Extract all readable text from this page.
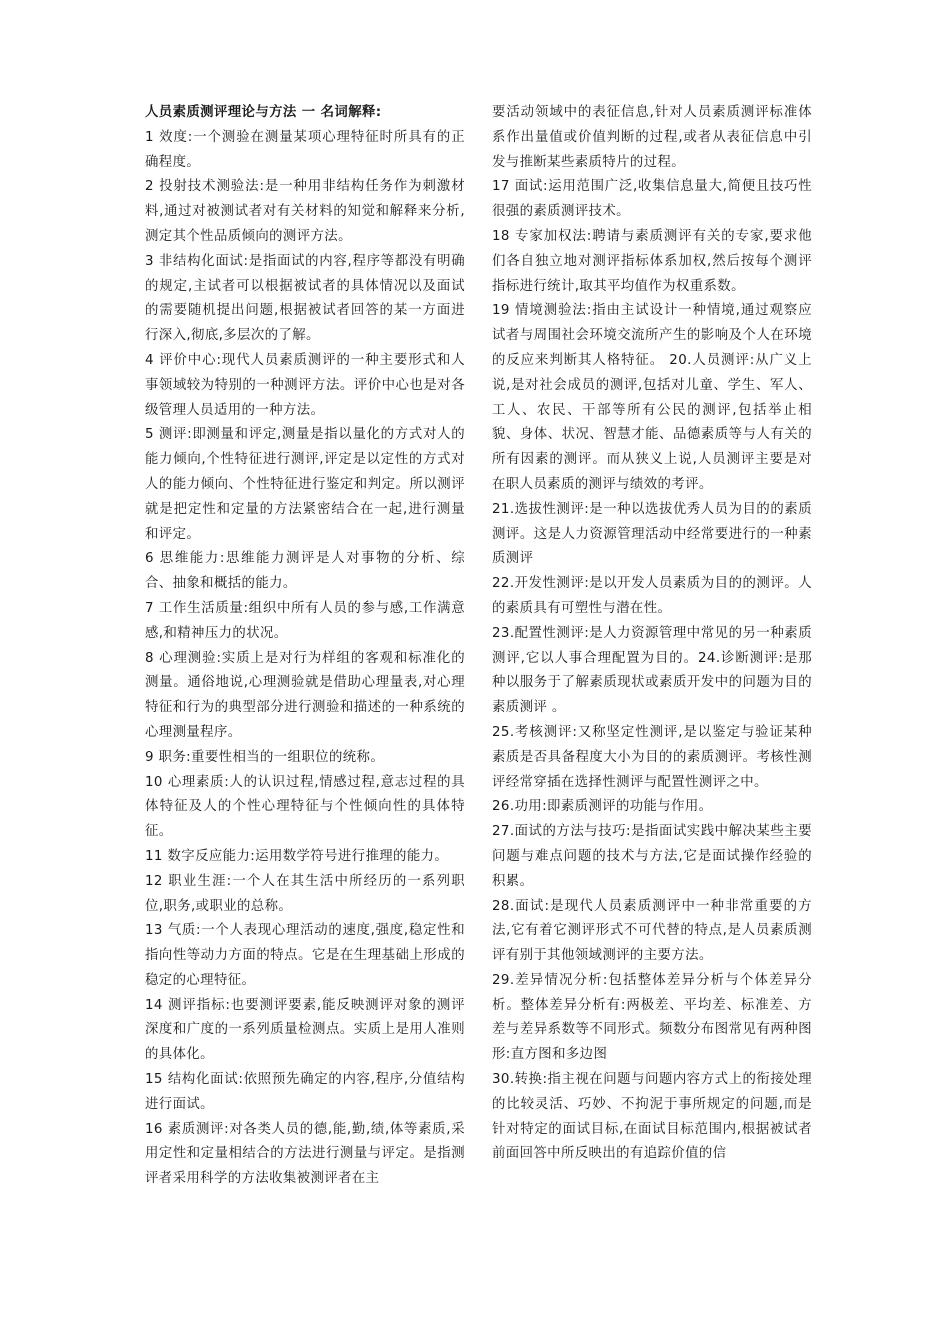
人员素质测评理论与方法 一 名词解释:

1 效度:一个测验在测量某项心理特征时所具有的正确程度。

2 投射技术测验法:是一种用非结构任务作为刺激材料,通过对被测试者对有关材料的知觉和解释来分析,测定其个性品质倾向的测评方法。

3 非结构化面试:是指面试的内容,程序等都没有明确的规定,主试者可以根据被试者的具体情况以及面试的需要随机提出问题,根据被试者回答的某一方面进行深入,彻底,多层次的了解。

4 评价中心:现代人员素质测评的一种主要形式和人事领域较为特别的一种测评方法。评价中心也是对各级管理人员适用的一种方法。

5 测评:即测量和评定,测量是指以量化的方式对人的能力倾向,个性特征进行测评,评定是以定性的方式对人的能力倾向、个性特征进行鉴定和判定。所以测评就是把定性和定量的方法紧密结合在一起,进行测量和评定。

6 思维能力:思维能力测评是人对事物的分析、综合、抽象和概括的能力。

7 工作生活质量:组织中所有人员的参与感,工作满意感,和精神压力的状况。

8 心理测验:实质上是对行为样组的客观和标准化的测量。通俗地说,心理测验就是借助心理量表,对心理特征和行为的典型部分进行测验和描述的一种系统的心理测量程序。

9 职务:重要性相当的一组职位的统称。

10 心理素质:人的认识过程,情感过程,意志过程的具体特征及人的个性心理特征与个性倾向性的具体特征。

11 数字反应能力:运用数学符号进行推理的能力。

12 职业生涯:一个人在其生活中所经历的一系列职位,职务,或职业的总称。

13 气质:一个人表现心理活动的速度,强度,稳定性和指向性等动力方面的特点。它是在生理基础上形成的稳定的心理特征。

14 测评指标:也要测评要素,能反映测评对象的测评深度和广度的一系列质量检测点。实质上是用人准则的具体化。

15 结构化面试:依照预先确定的内容,程序,分值结构进行面试。

16 素质测评:对各类人员的德,能,勤,绩,体等素质,采用定性和定量相结合的方法进行测量与评定。是指测评者采用科学的方法收集被测评者在主

要活动领域中的表征信息,针对人员素质测评标准体系作出量值或价值判断的过程,或者从表征信息中引发与推断某些素质特片的过程。

17 面试:运用范围广泛,收集信息量大,简便且技巧性很强的素质测评技术。

18 专家加权法:聘请与素质测评有关的专家,要求他们各自独立地对测评指标体系加权,然后按每个测评指标进行统计,取其平均值作为权重系数。

19 情境测验法:指由主试设计一种情境,通过观察应试者与周围社会环境交流所产生的影响及个人在环境的反应来判断其人格特征。 20.人员测评:从广义上说,是对社会成员的测评,包括对儿童、学生、军人、工人、农民、干部等所有公民的测评,包括举止相貌、身体、状况、智慧才能、品德素质等与人有关的所有因素的测评。而从狭义上说,人员测评主要是对在职人员素质的测评与绩效的考评。

21.选拔性测评:是一种以选拔优秀人员为目的的素质测评。这是人力资源管理活动中经常要进行的一种素质测评

22.开发性测评:是以开发人员素质为目的的测评。人的素质具有可塑性与潜在性。

23.配置性测评:是人力资源管理中常见的另一种素质测评,它以人事合理配置为目的。24.诊断测评:是那种以服务于了解素质现状或素质开发中的问题为目的素质测评 。

25.考核测评:又称坚定性测评,是以鉴定与验证某种素质是否具备程度大小为目的的素质测评。考核性测评经常穿插在选择性测评与配置性测评之中。

26.功用:即素质测评的功能与作用。

27.面试的方法与技巧:是指面试实践中解决某些主要问题与难点问题的技术与方法,它是面试操作经验的积累。

28.面试:是现代人员素质测评中一种非常重要的方法,它有着它测评形式不可代替的特点,是人员素质测评有别于其他领域测评的主要方法。

29.差异情况分析:包括整体差异分析与个体差异分析。整体差异分析有:两极差、平均差、标准差、方差与差异系数等不同形式。频数分布图常见有两种图形:直方图和多边图

30.转换:指主视在问题与问题内容方式上的衔接处理的比较灵活、巧妙、不拘泥于事所规定的问题,而是针对特定的面试目标,在面试目标范围内,根据被试者前面回答中所反映出的有追踪价值的信
